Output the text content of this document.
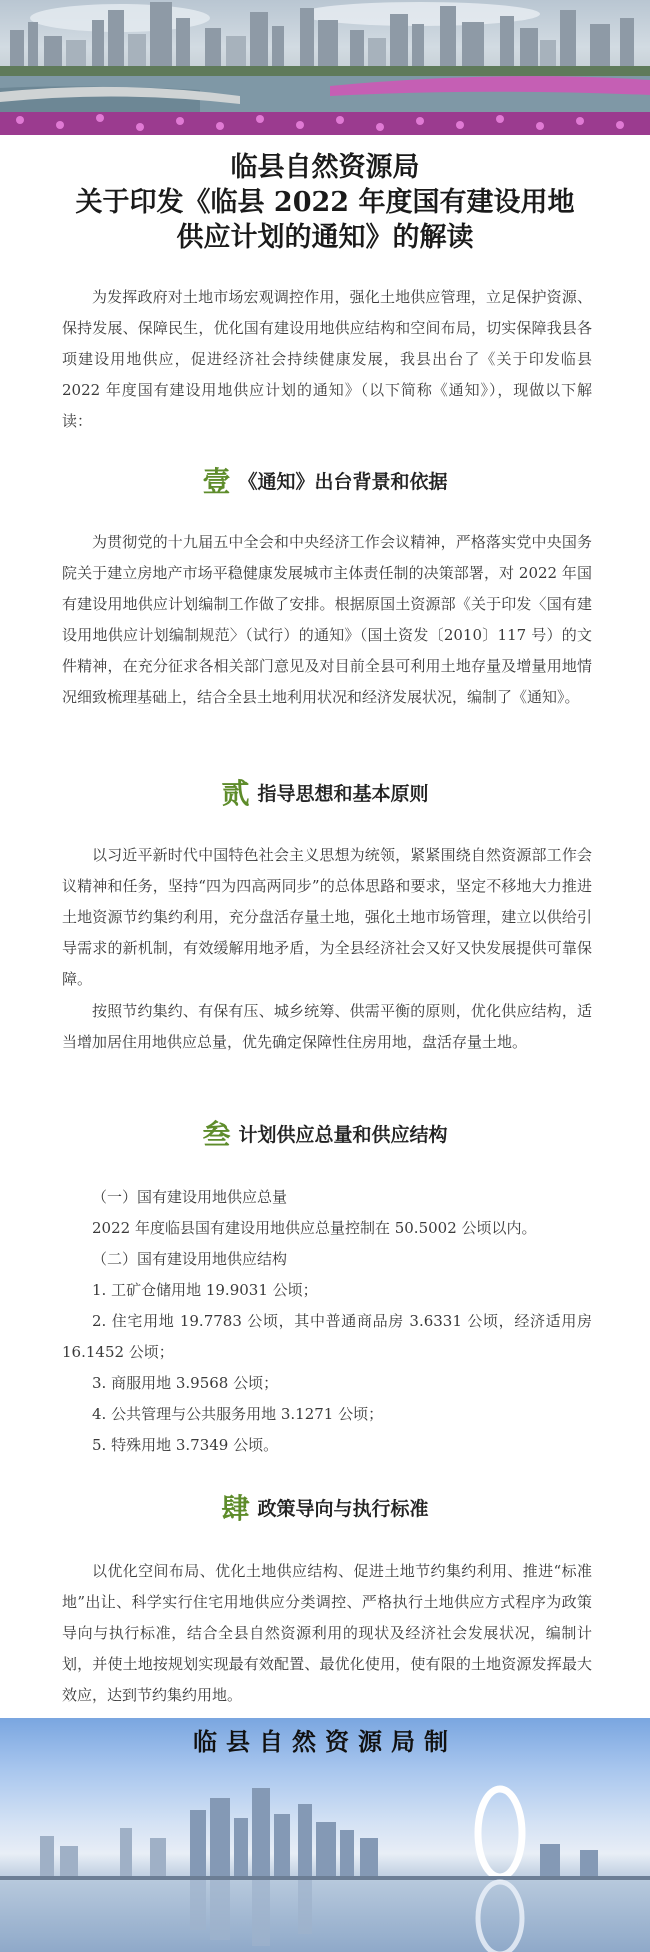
临县自然资源局
关于印发《临县 2022 年度国有建设用地
供应计划的通知》的解读

为发挥政府对土地市场宏观调控作用，强化土地供应管理，立足保护资源、保持发展、保障民生，优化国有建设用地供应结构和空间布局，切实保障我县各项建设用地供应，促进经济社会持续健康发展，我县出台了《关于印发临县 2022 年度国有建设用地供应计划的通知》（以下简称《通知》），现做以下解读：

壹 《通知》出台背景和依据

为贯彻党的十九届五中全会和中央经济工作会议精神，严格落实党中央国务院关于建立房地产市场平稳健康发展城市主体责任制的决策部署，对 2022 年国有建设用地供应计划编制工作做了安排。根据原国土资源部《关于印发〈国有建设用地供应计划编制规范〉（试行）的通知》（国土资发〔2010〕117 号）的文件精神，在充分征求各相关部门意见及对目前全县可利用土地存量及增量用地情况细致梳理基础上，结合全县土地利用状况和经济发展状况，编制了《通知》。

贰 指导思想和基本原则

以习近平新时代中国特色社会主义思想为统领，紧紧围绕自然资源部工作会议精神和任务，坚持“四为四高两同步”的总体思路和要求，坚定不移地大力推进土地资源节约集约利用，充分盘活存量土地，强化土地市场管理，建立以供给引导需求的新机制，有效缓解用地矛盾，为全县经济社会又好又快发展提供可靠保障。

按照节约集约、有保有压、城乡统筹、供需平衡的原则，优化供应结构，适当增加居住用地供应总量，优先确定保障性住房用地，盘活存量土地。

叁 计划供应总量和供应结构
（一）国有建设用地供应总量
2022 年度临县国有建设用地供应总量控制在 50.5002 公顷以内。
（二）国有建设用地供应结构
1. 工矿仓储用地 19.9031 公顷；
2. 住宅用地 19.7783 公顷，其中普通商品房 3.6331 公顷，经济适用房 16.1452 公顷；
3. 商服用地 3.9568 公顷；
4. 公共管理与公共服务用地 3.1271 公顷；
5. 特殊用地 3.7349 公顷。
肆 政策导向与执行标准

以优化空间布局、优化土地供应结构、促进土地节约集约利用、推进“标准地”出让、科学实行住宅用地供应分类调控、严格执行土地供应方式程序为政策导向与执行标准，结合全县自然资源利用的现状及经济社会发展状况，编制计划，并使土地按规划实现最有效配置、最优化使用，使有限的土地资源发挥最大效应，达到节约集约用地。

临县自然资源局制
